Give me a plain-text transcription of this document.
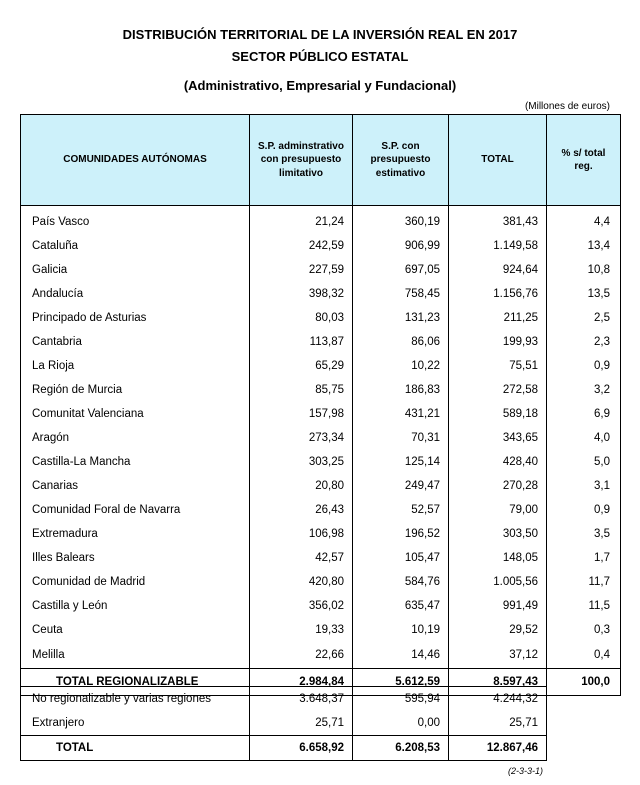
DISTRIBUCIÓN TERRITORIAL DE LA INVERSIÓN REAL EN 2017
SECTOR PÚBLICO ESTATAL
(Administrativo, Empresarial y Fundacional)
(Millones de euros)
COMUNIDADES AUTÓNOMAS	S.P. adminstrativo con presupuesto limitativo	S.P. con presupuesto estimativo	TOTAL	% s/ total reg.

País Vasco	21,24	360,19	381,43	4,4
Cataluña	242,59	906,99	1.149,58	13,4
Galicia	227,59	697,05	924,64	10,8
Andalucía	398,32	758,45	1.156,76	13,5
Principado de Asturias	80,03	131,23	211,25	2,5
Cantabria	113,87	86,06	199,93	2,3
La Rioja	65,29	10,22	75,51	0,9
Región de Murcia	85,75	186,83	272,58	3,2
Comunitat Valenciana	157,98	431,21	589,18	6,9
Aragón	273,34	70,31	343,65	4,0
Castilla-La Mancha	303,25	125,14	428,40	5,0
Canarias	20,80	249,47	270,28	3,1
Comunidad Foral de Navarra	26,43	52,57	79,00	0,9
Extremadura	106,98	196,52	303,50	3,5
Illes Balears	42,57	105,47	148,05	1,7
Comunidad de Madrid	420,80	584,76	1.005,56	11,7
Castilla y León	356,02	635,47	991,49	11,5
Ceuta	19,33	10,19	29,52	0,3
Melilla	22,66	14,46	37,12	0,4
TOTAL REGIONALIZABLE	2.984,84	5.612,59	8.597,43	100,0
No regionalizable y varias regiones	3.648,37	595,94	4.244,32
Extranjero	25,71	0,00	25,71
TOTAL	6.658,92	6.208,53	12.867,46
(2-3-3-1)
